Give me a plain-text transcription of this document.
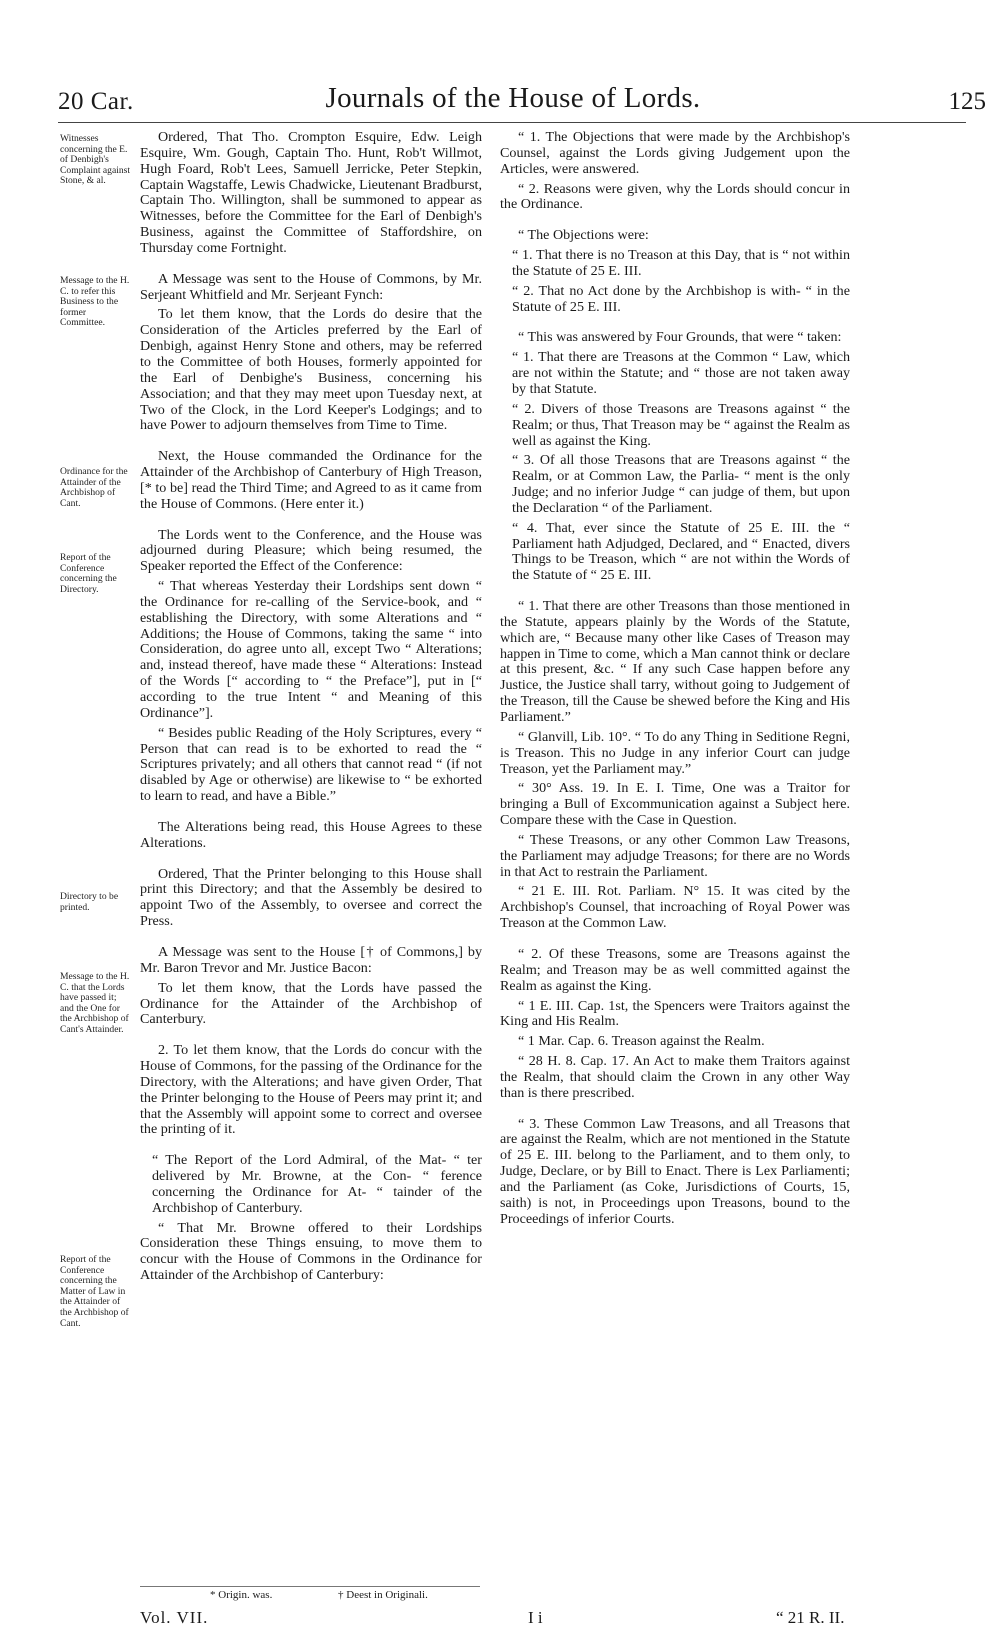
20 Car.	Journals of the House of Lords.	125
Witnesses concerning the E. of Denbigh's Complaint against Stone, & al.
Message to the H. C. to refer this Business to the former Committee.
Ordinance for the Attainder of the Archbishop of Cant.
Report of the Conference concerning the Directory.
Directory to be printed.
Message to the H. C. that the Lords have passed it; and the One for the Archbishop of Cant's Attainder.
Report of the Conference concerning the Matter of Law in the Attainder of the Archbishop of Cant.

Ordered, That Tho. Crompton Esquire, Edw. Leigh Esquire, Wm. Gough, Captain Tho. Hunt, Rob't Willmot, Hugh Foard, Rob't Lees, Samuell Jerricke, Peter Stepkin, Captain Wagstaffe, Lewis Chadwicke, Lieutenant Bradburst, Captain Tho. Willington, shall be summoned to appear as Witnesses, before the Committee for the Earl of Denbigh's Business, against the Committee of Staffordshire, on Thursday come Fortnight.

A Message was sent to the House of Commons, by Mr. Serjeant Whitfield and Mr. Serjeant Fynch:

To let them know, that the Lords do desire that the Consideration of the Articles preferred by the Earl of Denbigh, against Henry Stone and others, may be referred to the Committee of both Houses, formerly appointed for the Earl of Denbighe's Business, concerning his Association; and that they may meet upon Tuesday next, at Two of the Clock, in the Lord Keeper's Lodgings; and to have Power to adjourn themselves from Time to Time.

Next, the House commanded the Ordinance for the Attainder of the Archbishop of Canterbury of High Treason, [* to be] read the Third Time; and Agreed to as it came from the House of Commons. (Here enter it.)

The Lords went to the Conference, and the House was adjourned during Pleasure; which being resumed, the Speaker reported the Effect of the Conference:

“ That whereas Yesterday their Lordships sent down “ the Ordinance for re-calling of the Service-book, and “ establishing the Directory, with some Alterations and “ Additions; the House of Commons, taking the same “ into Consideration, do agree unto all, except Two “ Alterations; and, instead thereof, have made these “ Alterations: Instead of the Words [“ according to “ the Preface”], put in [“ according to the true Intent “ and Meaning of this Ordinance”].

“ Besides public Reading of the Holy Scriptures, every “ Person that can read is to be exhorted to read the “ Scriptures privately; and all others that cannot read “ (if not disabled by Age or otherwise) are likewise to “ be exhorted to learn to read, and have a Bible.”

The Alterations being read, this House Agrees to these Alterations.

Ordered, That the Printer belonging to this House shall print this Directory; and that the Assembly be desired to appoint Two of the Assembly, to oversee and correct the Press.

A Message was sent to the House [† of Commons,] by Mr. Baron Trevor and Mr. Justice Bacon:

To let them know, that the Lords have passed the Ordinance for the Attainder of the Archbishop of Canterbury.

2. To let them know, that the Lords do concur with the House of Commons, for the passing of the Ordinance for the Directory, with the Alterations; and have given Order, That the Printer belonging to the House of Peers may print it; and that the Assembly will appoint some to correct and oversee the printing of it.

“ The Report of the Lord Admiral, of the Mat- “ ter delivered by Mr. Browne, at the Con- “ ference concerning the Ordinance for At- “ tainder of the Archbishop of Canterbury.

“ That Mr. Browne offered to their Lordships Consideration these Things ensuing, to move them to concur with the House of Commons in the Ordinance for Attainder of the Archbishop of Canterbury:

“ 1. The Objections that were made by the Archbishop's Counsel, against the Lords giving Judgement upon the Articles, were answered.

“ 2. Reasons were given, why the Lords should concur in the Ordinance.

“ The Objections were:

“ 1. That there is no Treason at this Day, that is “ not within the Statute of 25 E. III.

“ 2. That no Act done by the Archbishop is with- “ in the Statute of 25 E. III.

“ This was answered by Four Grounds, that were “ taken:

“ 1. That there are Treasons at the Common “ Law, which are not within the Statute; and “ those are not taken away by that Statute.

“ 2. Divers of those Treasons are Treasons against “ the Realm; or thus, That Treason may be “ against the Realm as well as against the King.

“ 3. Of all those Treasons that are Treasons against “ the Realm, or at Common Law, the Parlia- “ ment is the only Judge; and no inferior Judge “ can judge of them, but upon the Declaration “ of the Parliament.

“ 4. That, ever since the Statute of 25 E. III. the “ Parliament hath Adjudged, Declared, and “ Enacted, divers Things to be Treason, which “ are not within the Words of the Statute of “ 25 E. III.

“ 1. That there are other Treasons than those mentioned in the Statute, appears plainly by the Words of the Statute, which are, “ Because many other like Cases of Treason may happen in Time to come, which a Man cannot think or declare at this present, &c. “ If any such Case happen before any Justice, the Justice shall tarry, without going to Judgement of the Treason, till the Cause be shewed before the King and His Parliament.”

“ Glanvill, Lib. 10°. “ To do any Thing in Seditione Regni, is Treason. This no Judge in any inferior Court can judge Treason, yet the Parliament may.”

“ 30° Ass. 19. In E. I. Time, One was a Traitor for bringing a Bull of Excommunication against a Subject here. Compare these with the Case in Question.

“ These Treasons, or any other Common Law Treasons, the Parliament may adjudge Treasons; for there are no Words in that Act to restrain the Parliament.

“ 21 E. III. Rot. Parliam. N° 15. It was cited by the Archbishop's Counsel, that incroaching of Royal Power was Treason at the Common Law.

“ 2. Of these Treasons, some are Treasons against the Realm; and Treason may be as well committed against the Realm as against the King.

“ 1 E. III. Cap. 1st, the Spencers were Traitors against the King and His Realm.

“ 1 Mar. Cap. 6. Treason against the Realm.

“ 28 H. 8. Cap. 17. An Act to make them Traitors against the Realm, that should claim the Crown in any other Way than is there prescribed.

“ 3. These Common Law Treasons, and all Treasons that are against the Realm, which are not mentioned in the Statute of 25 E. III. belong to the Parliament, and to them only, to Judge, Declare, or by Bill to Enact. There is Lex Parliamenti; and the Parliament (as Coke, Jurisdictions of Courts, 15, saith) is not, in Proceedings upon Treasons, bound to the Proceedings of inferior Courts.

* Origin. was.	† Deest in Originali.
Vol. VII.	I i	“ 21 R. II.
